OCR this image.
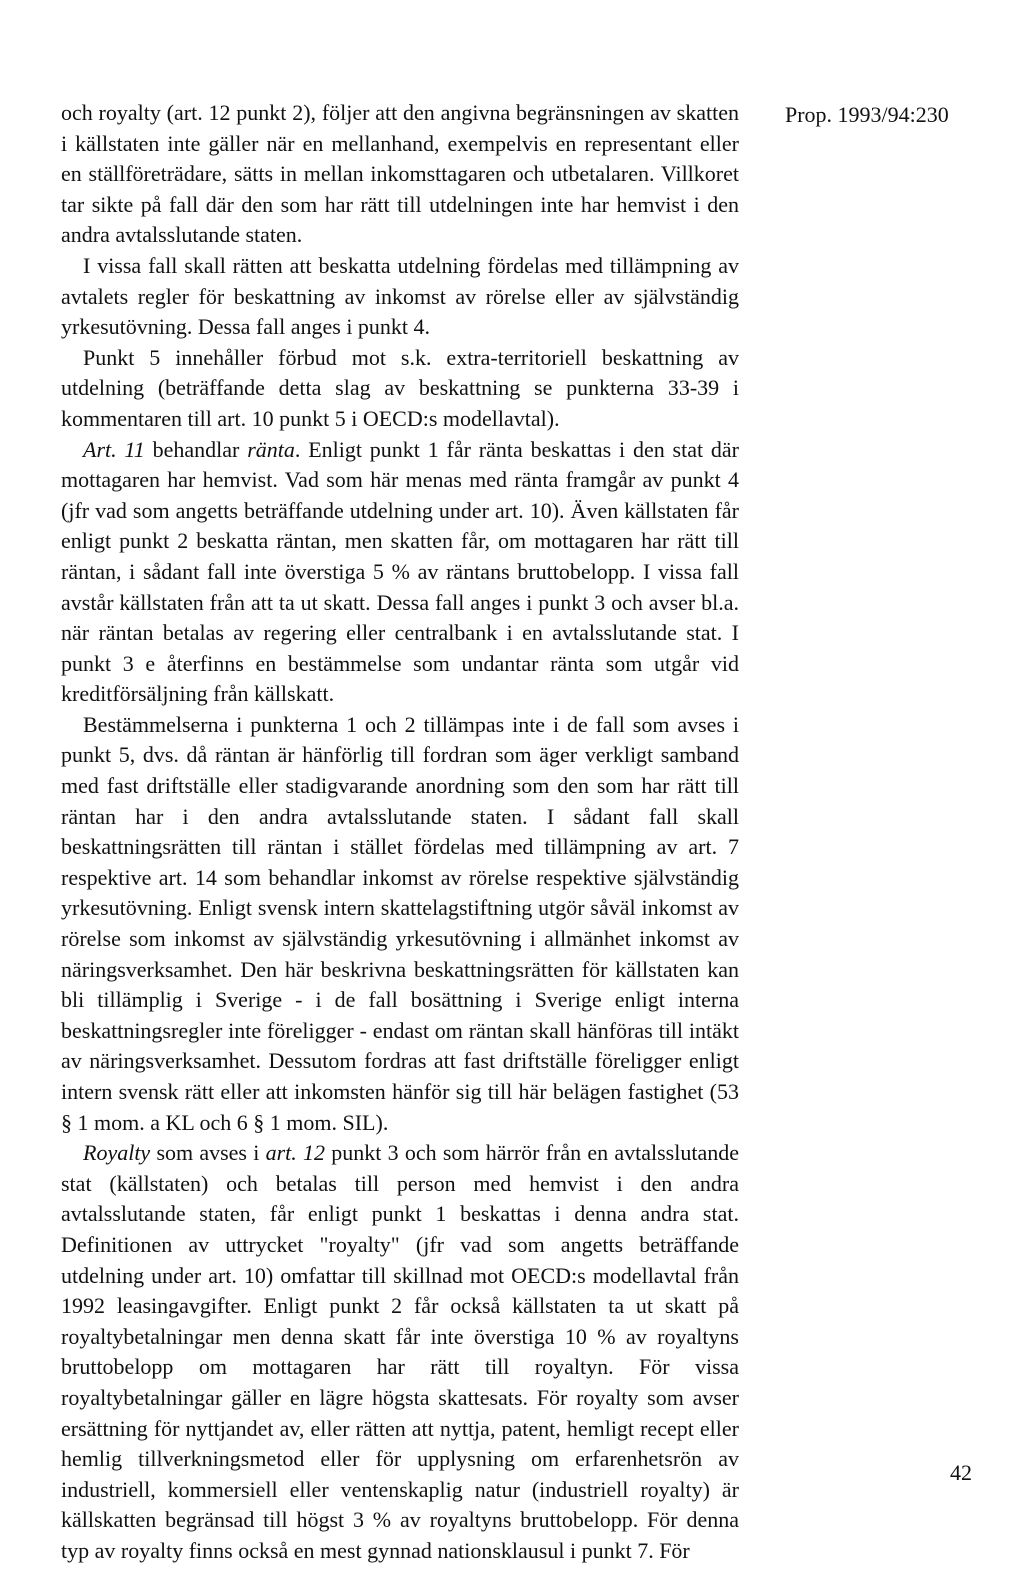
Prop. 1993/94:230

och royalty (art. 12 punkt 2), följer att den angivna begränsningen av skatten i källstaten inte gäller när en mellanhand, exempelvis en representant eller en ställföreträdare, sätts in mellan inkomsttagaren och utbetalaren. Villkoret tar sikte på fall där den som har rätt till utdelningen inte har hemvist i den andra avtalsslutande staten.

I vissa fall skall rätten att beskatta utdelning fördelas med tillämpning av avtalets regler för beskattning av inkomst av rörelse eller av självständig yrkesutövning. Dessa fall anges i punkt 4.

Punkt 5 innehåller förbud mot s.k. extra-territoriell beskattning av utdelning (beträffande detta slag av beskattning se punkterna 33-39 i kommentaren till art. 10 punkt 5 i OECD:s modellavtal).

Art. 11 behandlar ränta. Enligt punkt 1 får ränta beskattas i den stat där mottagaren har hemvist. Vad som här menas med ränta framgår av punkt 4 (jfr vad som angetts beträffande utdelning under art. 10). Även källstaten får enligt punkt 2 beskatta räntan, men skatten får, om mottagaren har rätt till räntan, i sådant fall inte överstiga 5 % av räntans bruttobelopp. I vissa fall avstår källstaten från att ta ut skatt. Dessa fall anges i punkt 3 och avser bl.a. när räntan betalas av regering eller centralbank i en avtalsslutande stat. I punkt 3 e återfinns en bestämmelse som undantar ränta som utgår vid kreditförsäljning från källskatt.

Bestämmelserna i punkterna 1 och 2 tillämpas inte i de fall som avses i punkt 5, dvs. då räntan är hänförlig till fordran som äger verkligt samband med fast driftställe eller stadigvarande anordning som den som har rätt till räntan har i den andra avtalsslutande staten. I sådant fall skall beskattningsrätten till räntan i stället fördelas med tillämpning av art. 7 respektive art. 14 som behandlar inkomst av rörelse respektive självständig yrkesutövning. Enligt svensk intern skattelagstiftning utgör såväl inkomst av rörelse som inkomst av självständig yrkesutövning i allmänhet inkomst av näringsverksamhet. Den här beskrivna beskattningsrätten för källstaten kan bli tillämplig i Sverige - i de fall bosättning i Sverige enligt interna beskattningsregler inte föreligger - endast om räntan skall hänföras till intäkt av näringsverksamhet. Dessutom fordras att fast driftställe föreligger enligt intern svensk rätt eller att inkomsten hänför sig till här belägen fastighet (53 § 1 mom. a KL och 6 § 1 mom. SIL).

Royalty som avses i art. 12 punkt 3 och som härrör från en avtalsslutande stat (källstaten) och betalas till person med hemvist i den andra avtalsslutande staten, får enligt punkt 1 beskattas i denna andra stat. Definitionen av uttrycket "royalty" (jfr vad som angetts beträffande utdelning under art. 10) omfattar till skillnad mot OECD:s modellavtal från 1992 leasingavgifter. Enligt punkt 2 får också källstaten ta ut skatt på royaltybetalningar men denna skatt får inte överstiga 10 % av royaltyns bruttobelopp om mottagaren har rätt till royaltyn. För vissa royaltybetalningar gäller en lägre högsta skattesats. För royalty som avser ersättning för nyttjandet av, eller rätten att nyttja, patent, hemligt recept eller hemlig tillverkningsmetod eller för upplysning om erfarenhetsrön av industriell, kommersiell eller ventenskaplig natur (industriell royalty) är källskatten begränsad till högst 3 % av royaltyns bruttobelopp. För denna typ av royalty finns också en mest gynnad nationsklausul i punkt 7. För

42
